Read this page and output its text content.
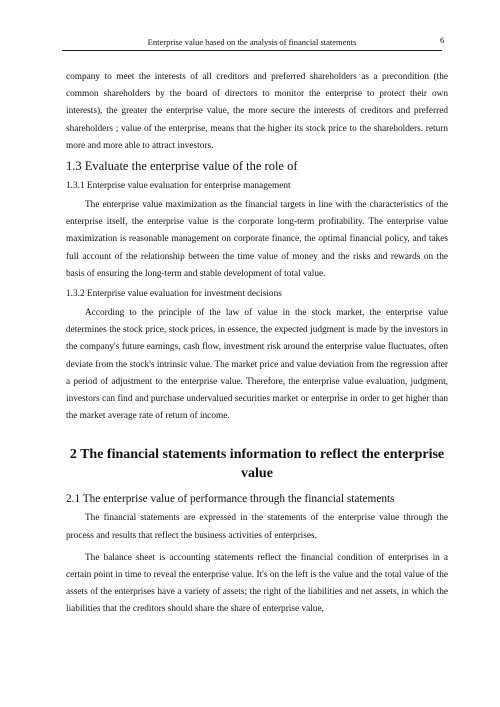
Enterprise value based on the analysis of financial statements	6

company to meet the interests of all creditors and preferred shareholders as a precondition (the common shareholders by the board of directors to monitor the enterprise to protect their own interests), the greater the enterprise value, the more secure the interests of creditors and preferred shareholders ; value of the enterprise, means that the higher its stock price to the shareholders. return more and more able to attract investors.

1.3 Evaluate the enterprise value of the role of
1.3.1 Enterprise value evaluation for enterprise management

The enterprise value maximization as the financial targets in line with the characteristics of the enterprise itself, the enterprise value is the corporate long-term profitability. The enterprise value maximization is reasonable management on corporate finance, the optimal financial policy, and takes full account of the relationship between the time value of money and the risks and rewards on the basis of ensuring the long-term and stable development of total value.

1.3.2 Enterprise value evaluation for investment decisions

According to the principle of the law of value in the stock market, the enterprise value determines the stock price, stock prices, in essence, the expected judgment is made by the investors in the company's future earnings, cash flow, investment risk around the enterprise value fluctuates, often deviate from the stock's intrinsic value. The market price and value deviation from the regression after a period of adjustment to the enterprise value. Therefore, the enterprise value evaluation, judgment, investors can find and purchase undervalued securities market or enterprise in order to get higher than the market average rate of return of income.

2 The financial statements information to reflect the enterprise value
2.1 The enterprise value of performance through the financial statements

The financial statements are expressed in the statements of the enterprise value through the process and results that reflect the business activities of enterprises.

The balance sheet is accounting statements reflect the financial condition of enterprises in a certain point in time to reveal the enterprise value. It's on the left is the value and the total value of the assets of the enterprises have a variety of assets; the right of the liabilities and net assets, in which the liabilities that the creditors should share the share of enterprise value,
